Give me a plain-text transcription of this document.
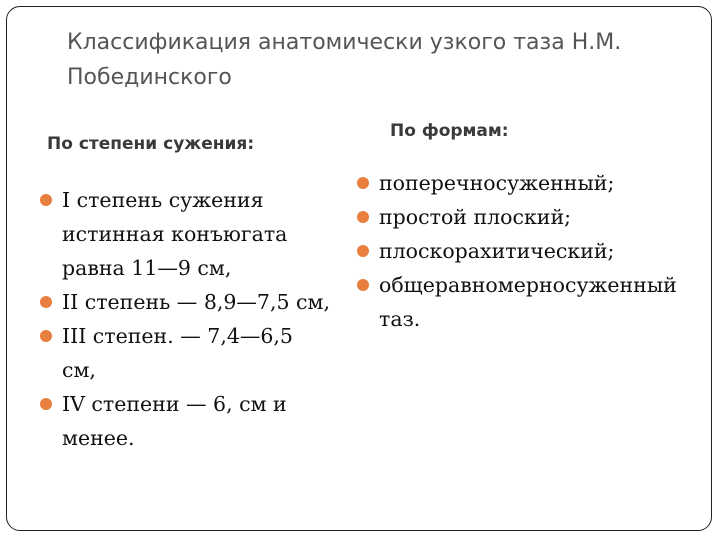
Классификация анатомически узкого таза Н.М. Побединского
По степени сужения:
I степень сужения истинная конъюгата равна 11—9 см,
II степень — 8,9—7,5 см,
III степен. — 7,4—6,5 см,
IV степени — 6, см и менее.
По формам:
поперечносуженный;
простой плоский;
плоскорахитический;
общеравномерносуженный таз.
